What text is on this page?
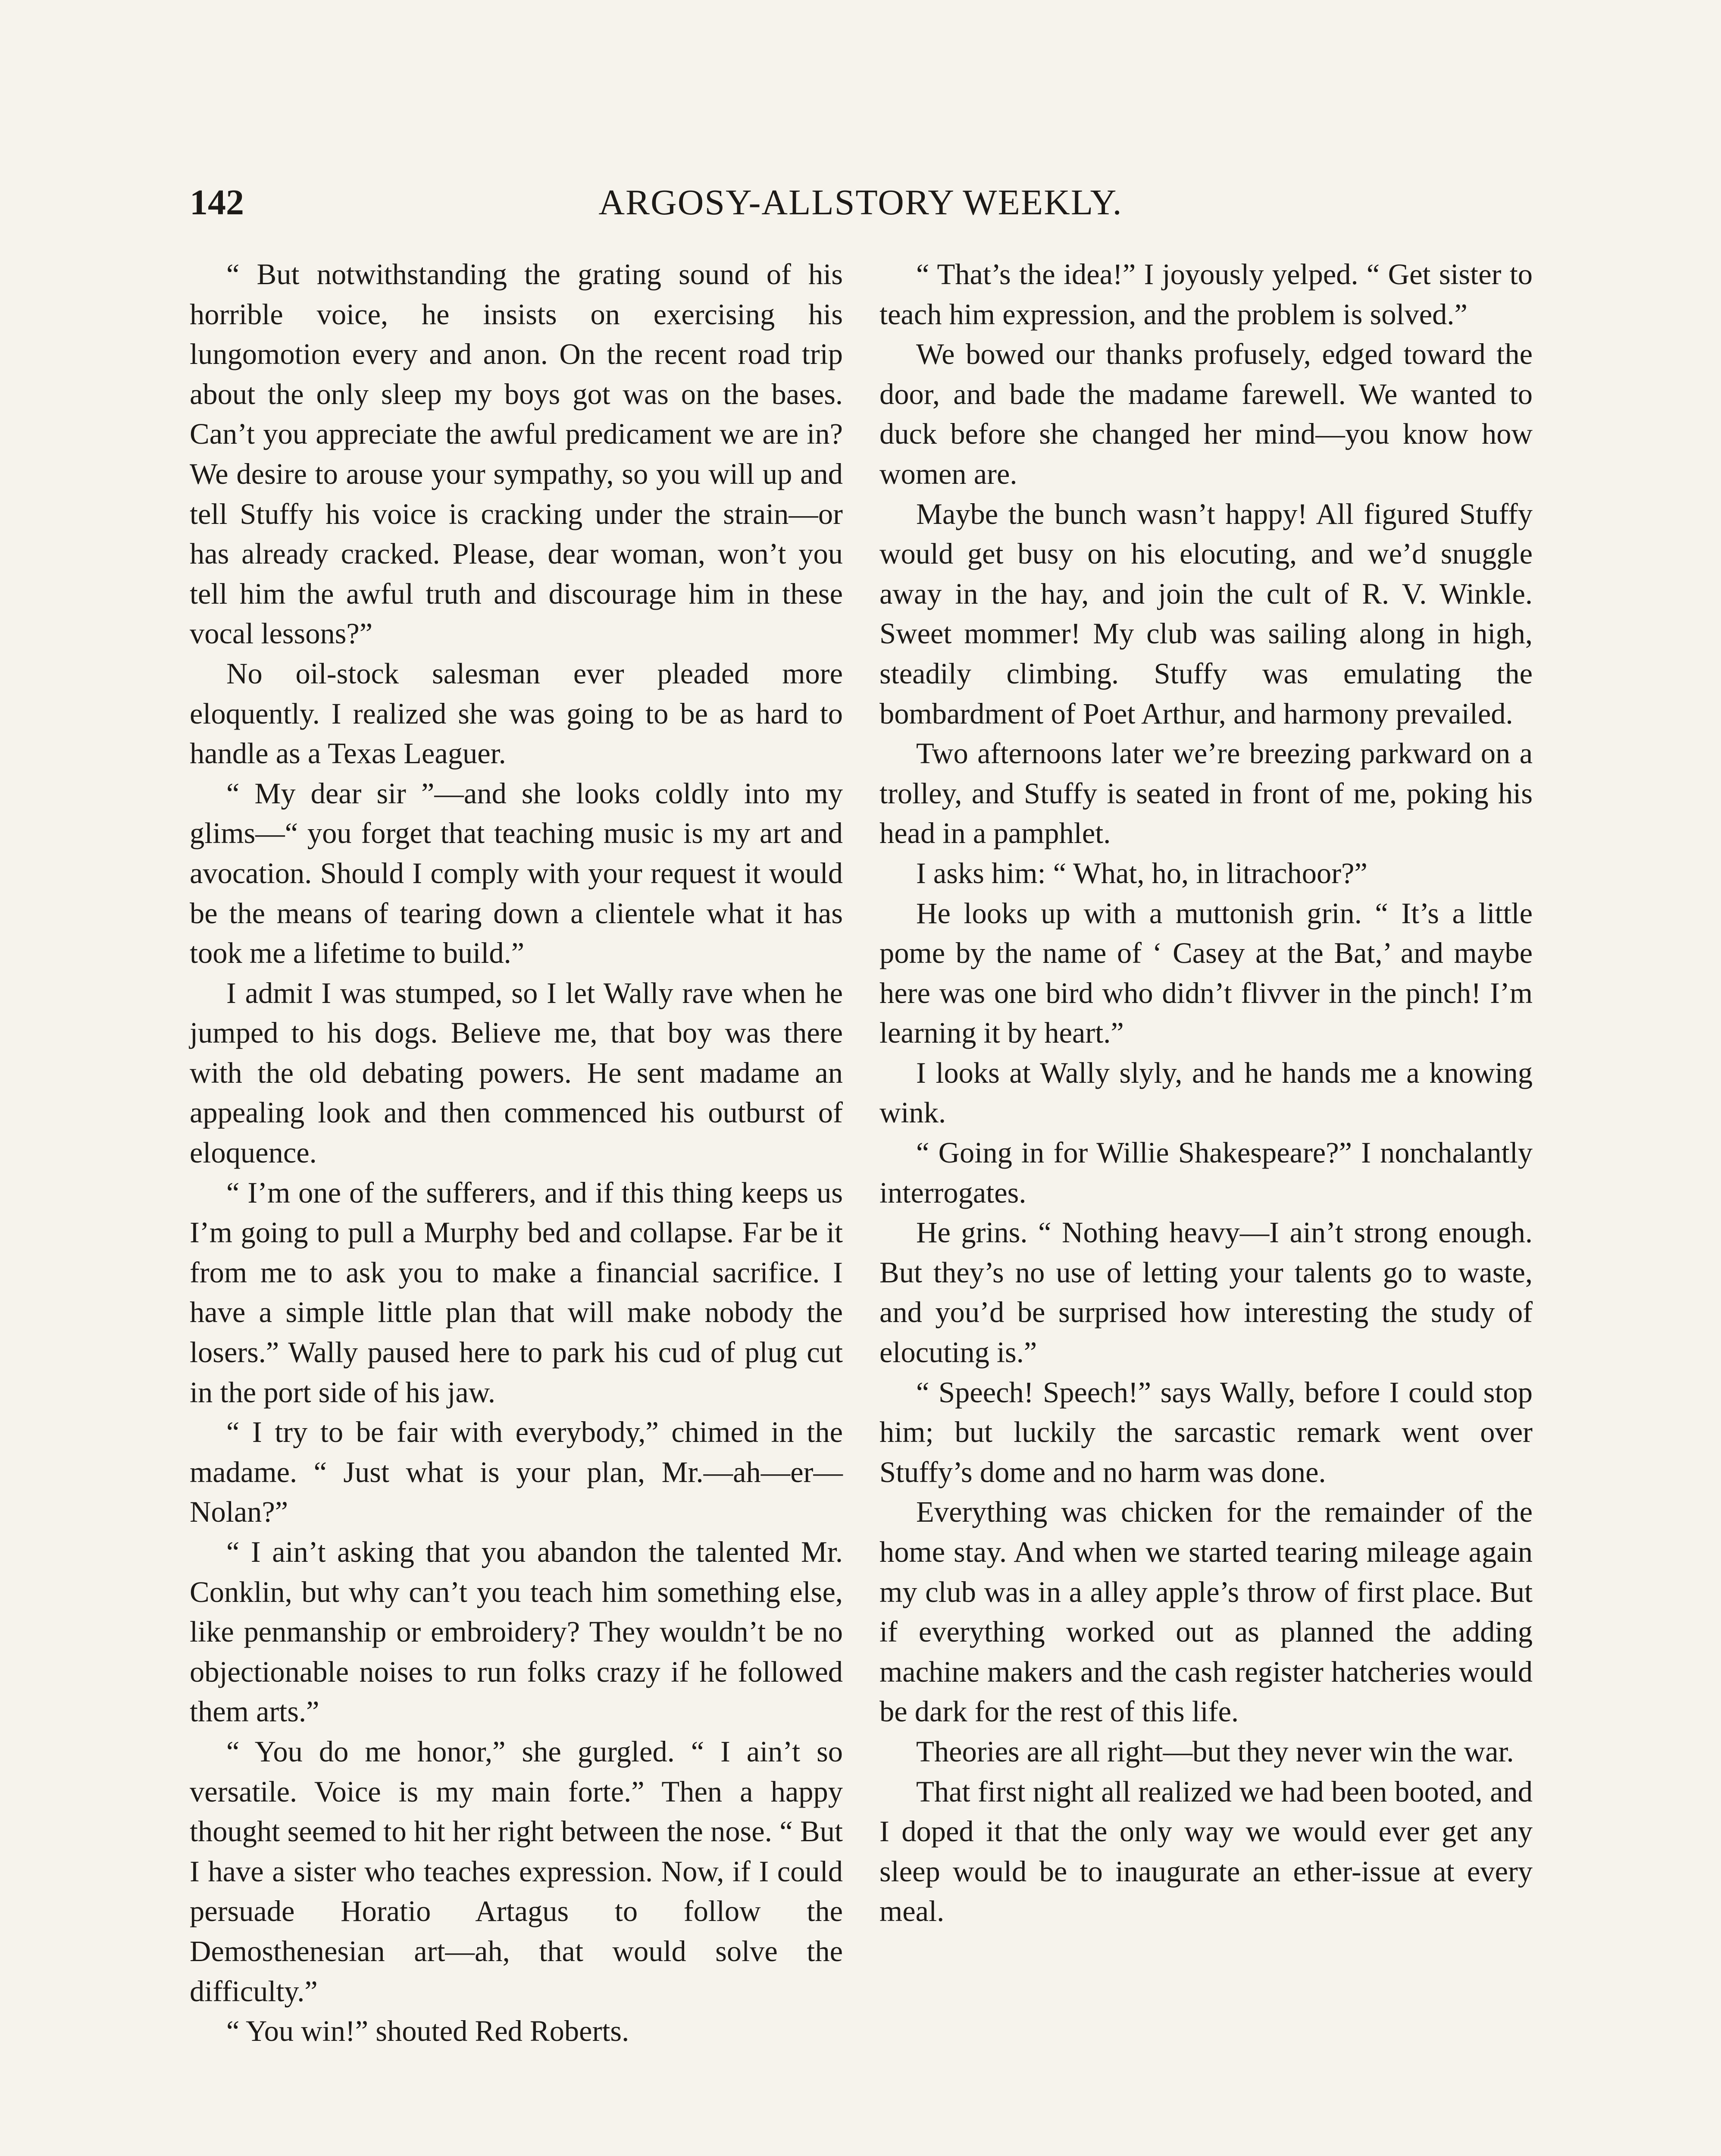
142	ARGOSY-ALLSTORY WEEKLY.

“ But notwithstanding the grating sound of his horrible voice, he insists on exercising his lungomotion every and anon. On the recent road trip about the only sleep my boys got was on the bases. Can’t you appreciate the awful predicament we are in? We desire to arouse your sympathy, so you will up and tell Stuffy his voice is cracking under the strain—or has already cracked. Please, dear woman, won’t you tell him the awful truth and discourage him in these vocal lessons?”

No oil-stock salesman ever pleaded more eloquently. I realized she was going to be as hard to handle as a Texas Leaguer.

“ My dear sir ”—and she looks coldly into my glims—“ you forget that teaching music is my art and avocation. Should I comply with your request it would be the means of tearing down a clientele what it has took me a lifetime to build.”

I admit I was stumped, so I let Wally rave when he jumped to his dogs. Believe me, that boy was there with the old debating powers. He sent madame an appealing look and then commenced his outburst of eloquence.

“ I’m one of the sufferers, and if this thing keeps us I’m going to pull a Murphy bed and collapse. Far be it from me to ask you to make a financial sacrifice. I have a simple little plan that will make nobody the losers.” Wally paused here to park his cud of plug cut in the port side of his jaw.

“ I try to be fair with everybody,” chimed in the madame. “ Just what is your plan, Mr.—ah—er—Nolan?”

“ I ain’t asking that you abandon the talented Mr. Conklin, but why can’t you teach him something else, like penmanship or embroidery? They wouldn’t be no objectionable noises to run folks crazy if he followed them arts.”

“ You do me honor,” she gurgled. “ I ain’t so versatile. Voice is my main forte.” Then a happy thought seemed to hit her right between the nose. “ But I have a sister who teaches expression. Now, if I could persuade Horatio Artagus to follow the Demosthenesian art—ah, that would solve the difficulty.”

“ You win!” shouted Red Roberts.

“ That’s the idea!” I joyously yelped. “ Get sister to teach him expression, and the problem is solved.”

We bowed our thanks profusely, edged toward the door, and bade the madame farewell. We wanted to duck before she changed her mind—you know how women are.

Maybe the bunch wasn’t happy! All figured Stuffy would get busy on his elocuting, and we’d snuggle away in the hay, and join the cult of R. V. Winkle. Sweet mommer! My club was sailing along in high, steadily climbing. Stuffy was emulating the bombardment of Poet Arthur, and harmony prevailed.

Two afternoons later we’re breezing parkward on a trolley, and Stuffy is seated in front of me, poking his head in a pamphlet.

I asks him: “ What, ho, in litrachoor?”

He looks up with a muttonish grin. “ It’s a little pome by the name of ‘ Casey at the Bat,’ and maybe here was one bird who didn’t flivver in the pinch! I’m learning it by heart.”

I looks at Wally slyly, and he hands me a knowing wink.

“ Going in for Willie Shakespeare?” I nonchalantly interrogates.

He grins. “ Nothing heavy—I ain’t strong enough. But they’s no use of letting your talents go to waste, and you’d be surprised how interesting the study of elocuting is.”

“ Speech! Speech!” says Wally, before I could stop him; but luckily the sarcastic remark went over Stuffy’s dome and no harm was done.

Everything was chicken for the remainder of the home stay. And when we started tearing mileage again my club was in a alley apple’s throw of first place. But if everything worked out as planned the adding machine makers and the cash register hatcheries would be dark for the rest of this life.

Theories are all right—but they never win the war.

That first night all realized we had been booted, and I doped it that the only way we would ever get any sleep would be to inaugurate an ether-issue at every meal.
